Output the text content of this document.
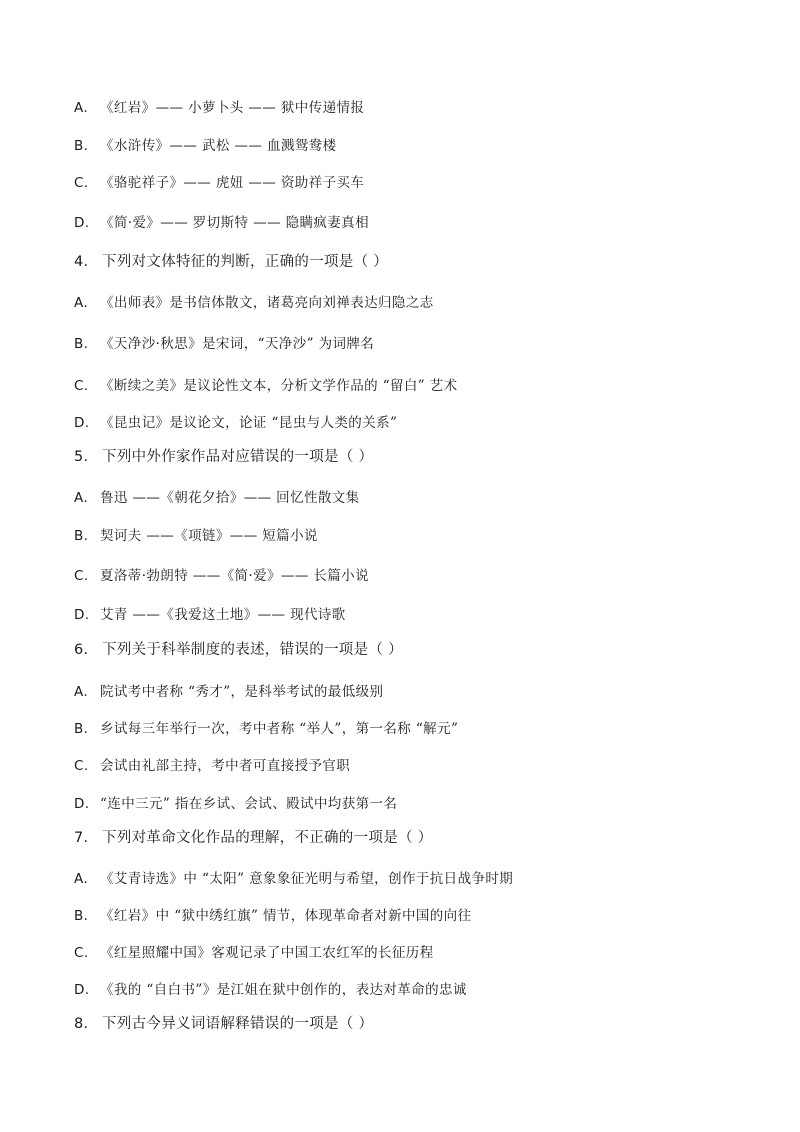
A. 《红岩》—— 小萝卜头 —— 狱中传递情报
B. 《水浒传》—— 武松 —— 血溅鸳鸯楼
C. 《骆驼祥子》—— 虎妞 —— 资助祥子买车
D. 《简·爱》—— 罗切斯特 —— 隐瞒疯妻真相
4. 下列对文体特征的判断，正确的一项是（ ）
A. 《出师表》是书信体散文，诸葛亮向刘禅表达归隐之志
B. 《天净沙·秋思》是宋词，“天净沙” 为词牌名
C. 《断续之美》是议论性文本，分析文学作品的 “留白” 艺术
D. 《昆虫记》是议论文，论证 “昆虫与人类的关系”
5. 下列中外作家作品对应错误的一项是（ ）
A. 鲁迅 ——《朝花夕拾》—— 回忆性散文集
B. 契诃夫 ——《项链》—— 短篇小说
C. 夏洛蒂·勃朗特 ——《简·爱》—— 长篇小说
D. 艾青 ——《我爱这土地》—— 现代诗歌
6. 下列关于科举制度的表述，错误的一项是（ ）
A. 院试考中者称 “秀才”，是科举考试的最低级别
B. 乡试每三年举行一次，考中者称 “举人”，第一名称 “解元”
C. 会试由礼部主持，考中者可直接授予官职
D. “连中三元” 指在乡试、会试、殿试中均获第一名
7. 下列对革命文化作品的理解，不正确的一项是（ ）
A. 《艾青诗选》中 “太阳” 意象象征光明与希望，创作于抗日战争时期
B. 《红岩》中 “狱中绣红旗” 情节，体现革命者对新中国的向往
C. 《红星照耀中国》客观记录了中国工农红军的长征历程
D. 《我的 “自白书”》是江姐在狱中创作的，表达对革命的忠诚
8. 下列古今异义词语解释错误的一项是（ ）
